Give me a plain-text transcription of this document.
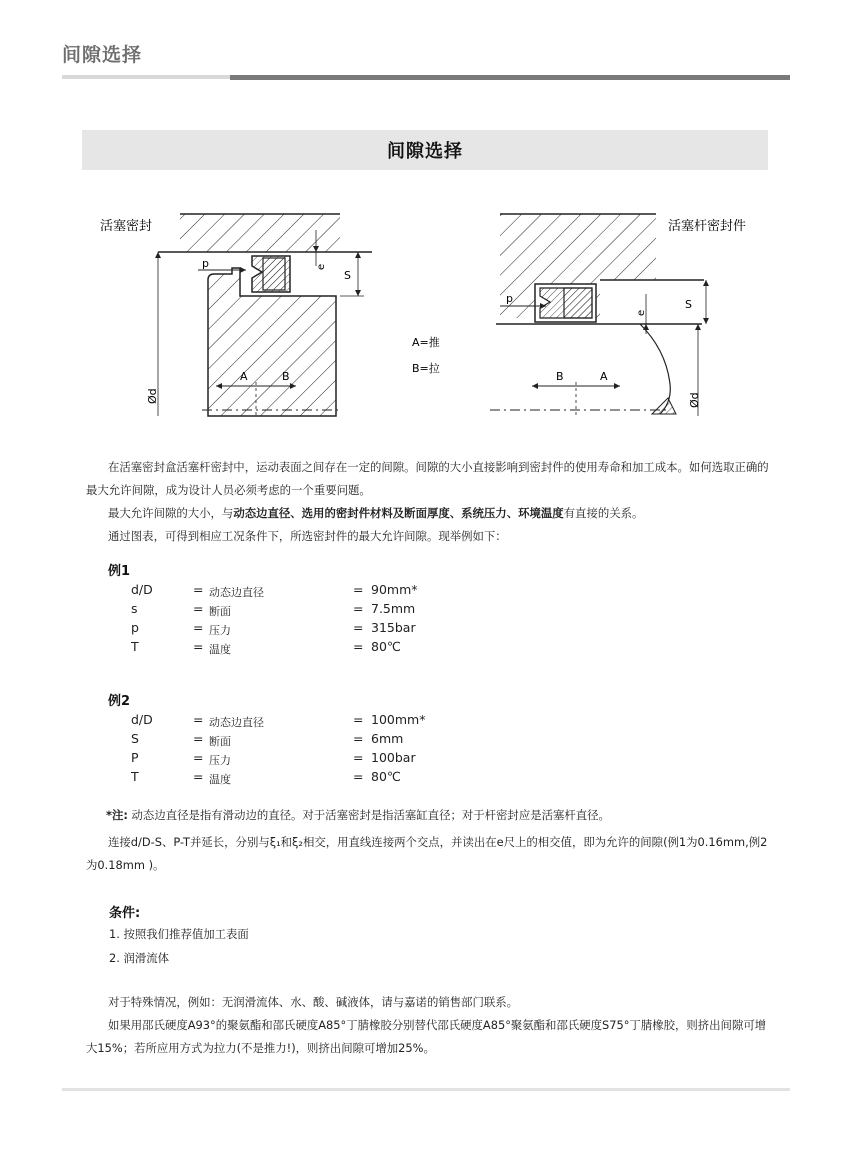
间隙选择
间隙选择
活塞密封
p	e
S
Ød
A	B
A=推
B=拉
活塞杆密封件
p
e
S
Ød
B	A

在活塞密封盒活塞杆密封中，运动表面之间存在一定的间隙。间隙的大小直接影响到密封件的使用寿命和加工成本。如何选取正确的最大允许间隙，成为设计人员必须考虑的一个重要问题。

最大允许间隙的大小，与动态边直径、选用的密封件材料及断面厚度、系统压力、环境温度有直接的关系。

通过图表，可得到相应工况条件下，所选密封件的最大允许间隙。现举例如下：

例1
d/D	= 动态边直径	= 90mm*
s	= 断面	= 7.5mm
p	= 压力	= 315bar
T	= 温度	= 80℃
例2
d/D	= 动态边直径	= 100mm*
S	= 断面	= 6mm
P	= 压力	= 100bar
T	= 温度	= 80℃

*注: 动态边直径是指有滑动边的直径。对于活塞密封是指活塞缸直径；对于杆密封应是活塞杆直径。

连接d/D-S、P-T并延长，分别与ξ₁和ξ₂相交，用直线连接两个交点，并读出在e尺上的相交值，即为允许的间隙(例1为0.16mm,例2为0.18mm )。

条件:
1. 按照我们推荐值加工表面
2. 润滑流体

对于特殊情况，例如：无润滑流体、水、酸、碱液体，请与嘉诺的销售部门联系。

如果用邵氏硬度A93°的聚氨酯和邵氏硬度A85°丁腈橡胶分别替代邵氏硬度A85°聚氨酯和邵氏硬度S75°丁腈橡胶，则挤出间隙可增大15%；若所应用方式为拉力(不是推力!)，则挤出间隙可增加25%。
